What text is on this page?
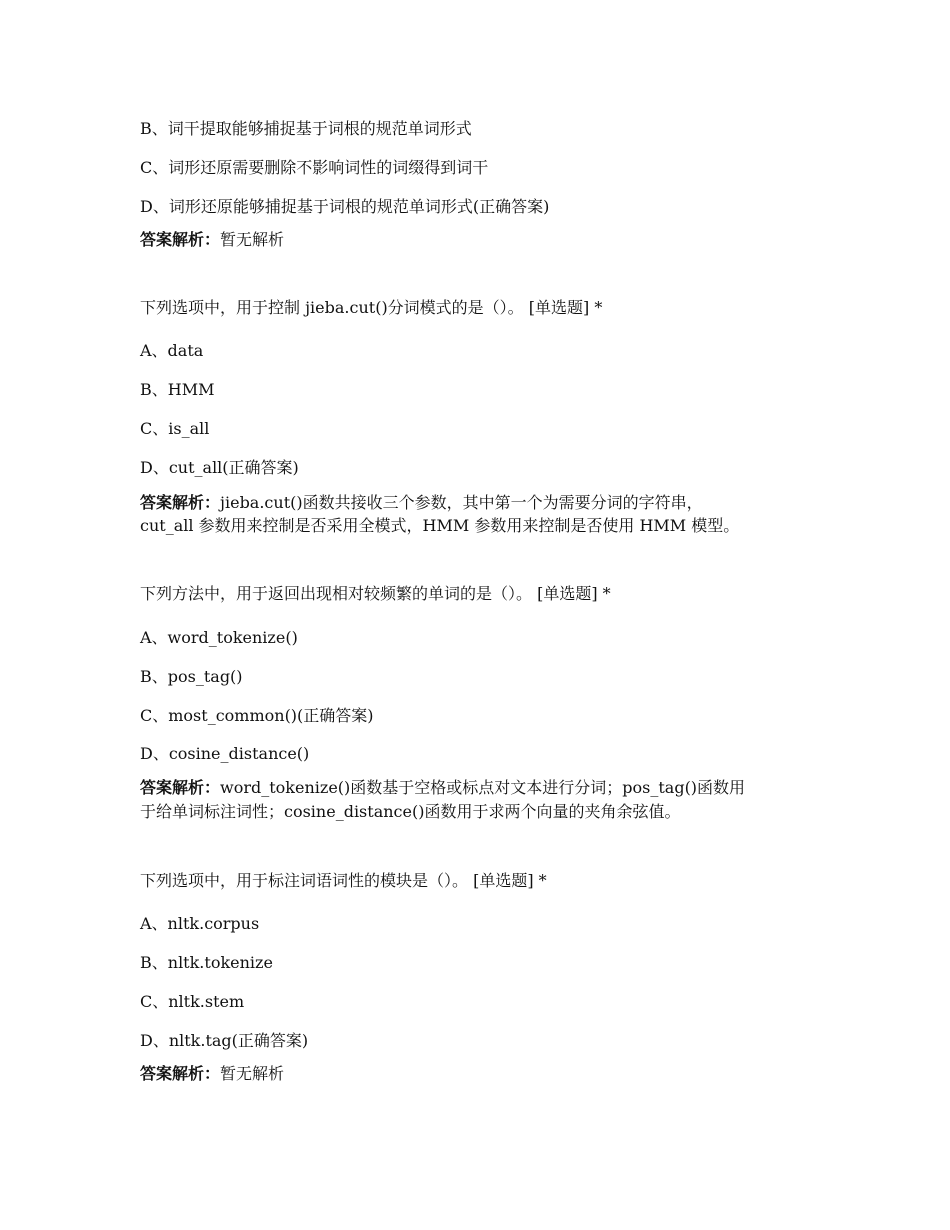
B、词干提取能够捕捉基于词根的规范单词形式
C、词形还原需要删除不影响词性的词缀得到词干
D、词形还原能够捕捉基于词根的规范单词形式(正确答案)
答案解析：暂无解析
下列选项中，用于控制 jieba.cut()分词模式的是（）。 [单选题] *
A、data
B、HMM
C、is_all
D、cut_all(正确答案)
答案解析：jieba.cut()函数共接收三个参数，其中第一个为需要分词的字符串，
cut_all 参数用来控制是否采用全模式，HMM 参数用来控制是否使用 HMM 模型。
下列方法中，用于返回出现相对较频繁的单词的是（）。 [单选题] *
A、word_tokenize()
B、pos_tag()
C、most_common()(正确答案)
D、cosine_distance()
答案解析：word_tokenize()函数基于空格或标点对文本进行分词；pos_tag()函数用
于给单词标注词性；cosine_distance()函数用于求两个向量的夹角余弦值。
下列选项中，用于标注词语词性的模块是（）。 [单选题] *
A、nltk.corpus
B、nltk.tokenize
C、nltk.stem
D、nltk.tag(正确答案)
答案解析：暂无解析
